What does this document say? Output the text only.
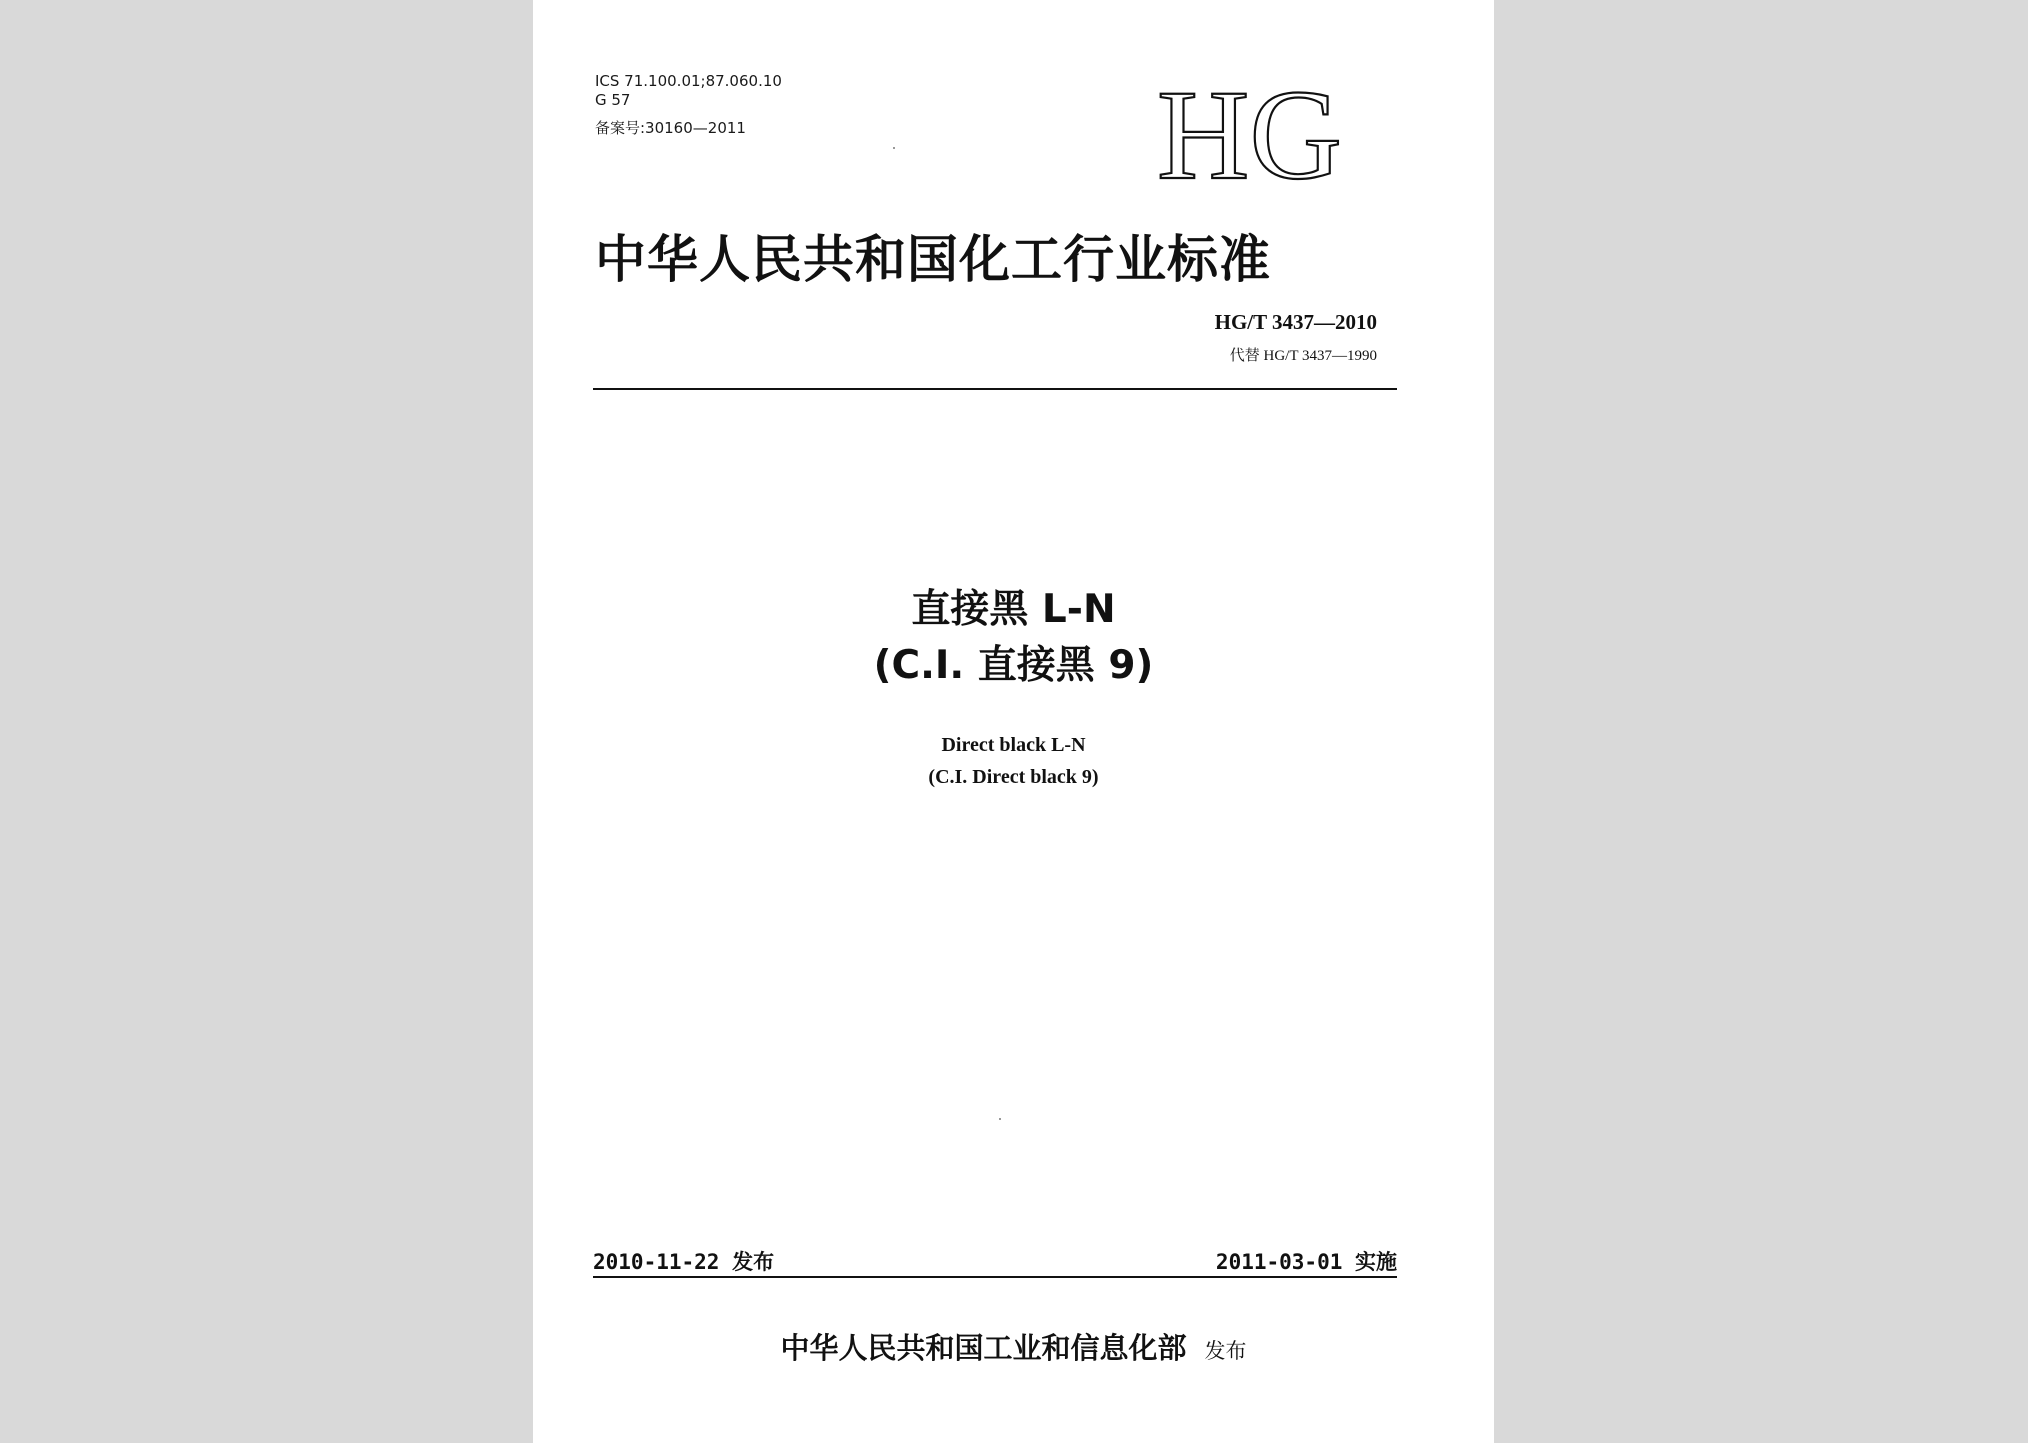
ICS 71.100.01;87.060.10
G 57
备案号:30160—2011	HG
中华人民共和国化工行业标准
HG/T 3437—2010
代替 HG/T 3437—1990
直接黑 L-N
(C.I. 直接黑 9)
Direct black L-N
(C.I. Direct black 9)
2010-11-22 发布	2011-03-01 实施
中华人民共和国工业和信息化部 发布
